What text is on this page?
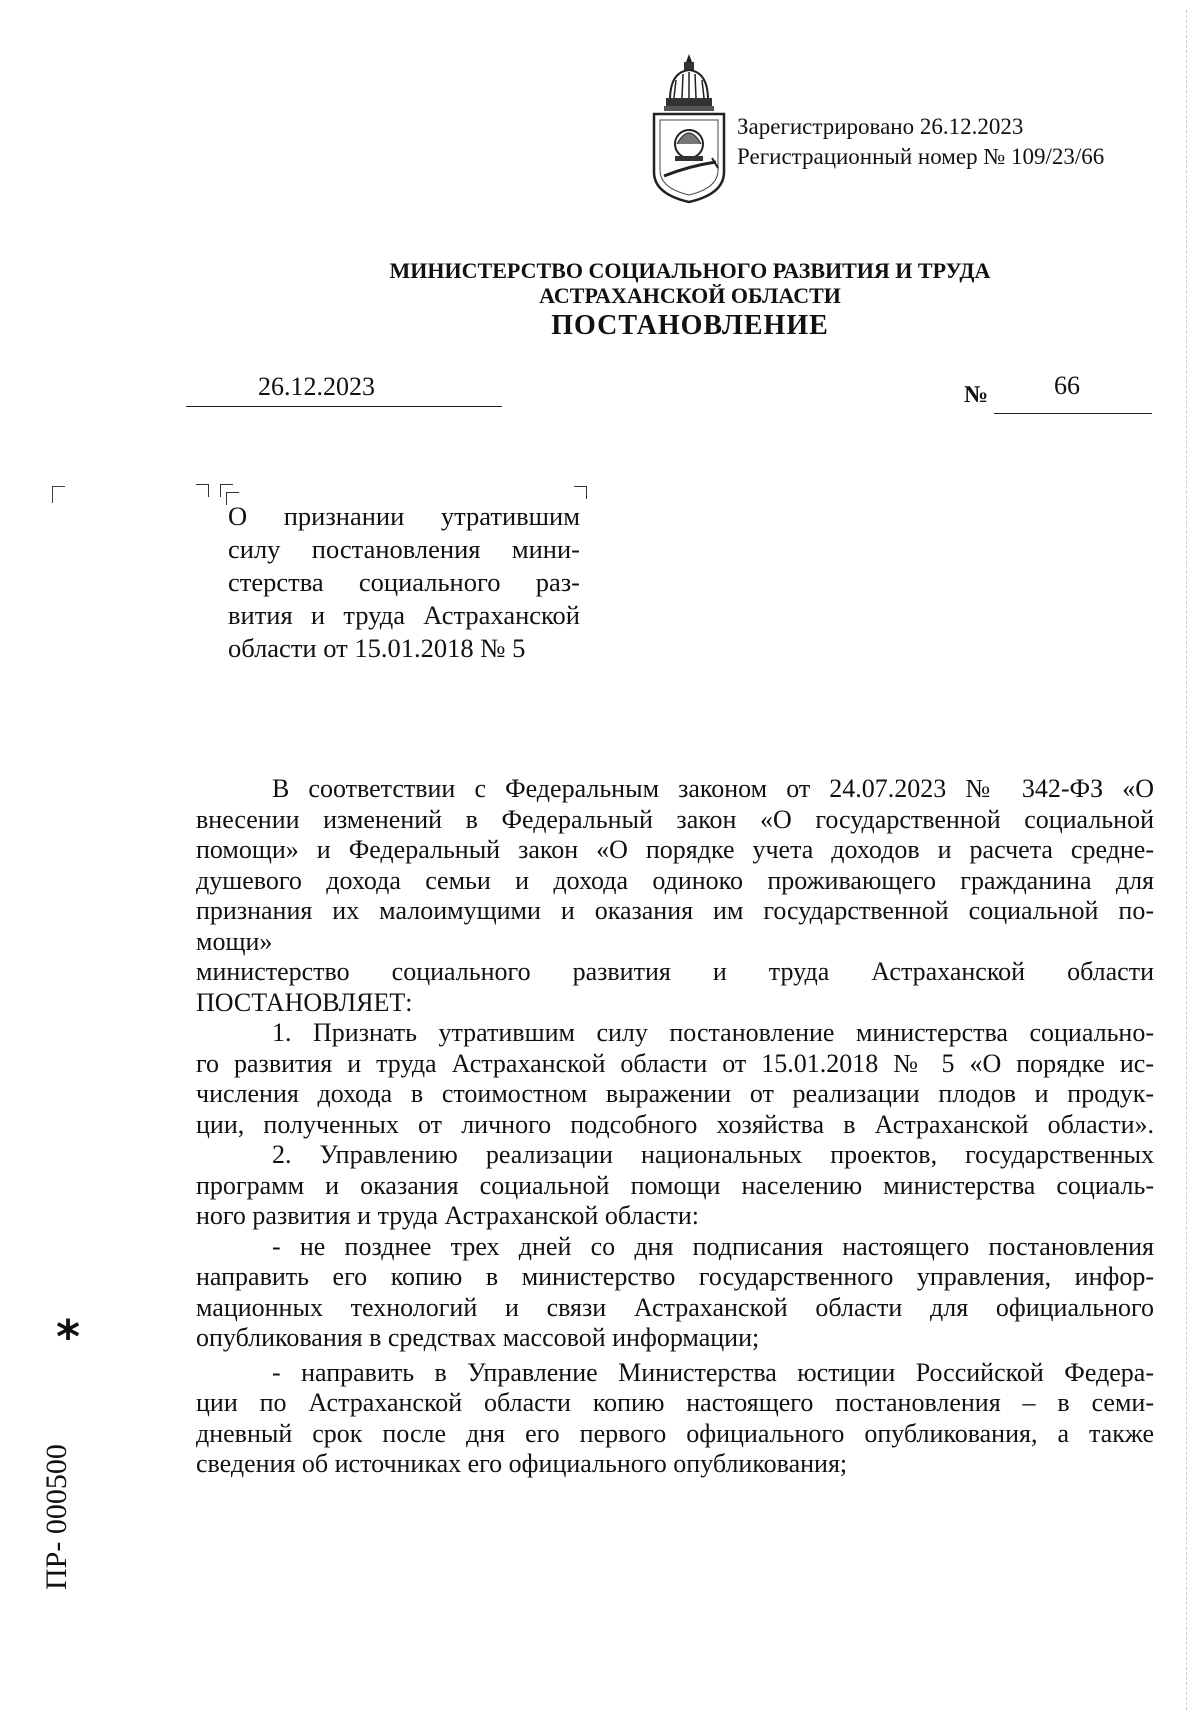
Зарегистрировано 26.12.2023
Регистрационный номер № 109/23/66
МИНИСТЕРСТВО СОЦИАЛЬНОГО РАЗВИТИЯ И ТРУДА
АСТРАХАНСКОЙ ОБЛАСТИ
ПОСТАНОВЛЕНИЕ
26.12.2023	№	66
О признании утратившим
силу постановления мини-
стерства социального раз-
вития и труда Астраханской
области от 15.01.2018 № 5
В соответствии с Федеральным законом от 24.07.2023 № 342-ФЗ «О
внесении изменений в Федеральный закон «О государственной социальной
помощи» и Федеральный закон «О порядке учета доходов и расчета средне-
душевого дохода семьи и дохода одиноко проживающего гражданина для
признания их малоимущими и оказания им государственной социальной по-
мощи»
министерство социального развития и труда Астраханской области
ПОСТАНОВЛЯЕТ:
1. Признать утратившим силу постановление министерства социально-
го развития и труда Астраханской области от 15.01.2018 № 5 «О порядке ис-
числения дохода в стоимостном выражении от реализации плодов и продук-
ции, полученных от личного подсобного хозяйства в Астраханской области».
2. Управлению реализации национальных проектов, государственных
программ и оказания социальной помощи населению министерства социаль-
ного развития и труда Астраханской области:
- не позднее трех дней со дня подписания настоящего постановления
направить его копию в министерство государственного управления, инфор-
мационных технологий и связи Астраханской области для официального
опубликования в средствах массовой информации;
- направить в Управление Министерства юстиции Российской Федера-
ции по Астраханской области копию настоящего постановления – в семи-
дневный срок после дня его первого официального опубликования, а также
сведения об источниках его официального опубликования;
*
ПР- 000500
